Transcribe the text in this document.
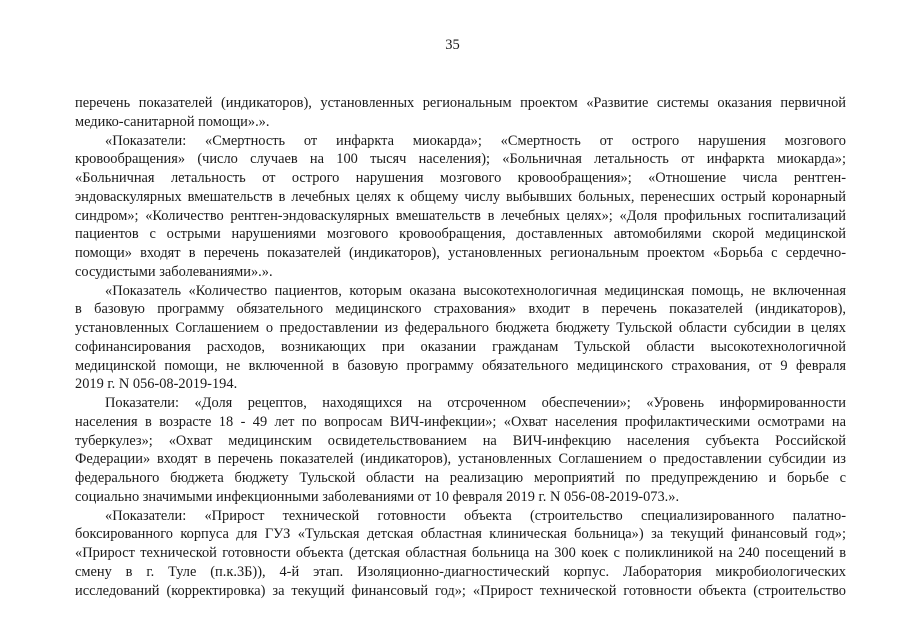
35
перечень показателей (индикаторов), установленных региональным проектом «Развитие системы оказания первичной
медико-санитарной помощи».».
«Показатели: «Смертность от инфаркта миокарда»; «Смертность от острого нарушения мозгового
кровообращения» (число случаев на 100 тысяч населения); «Больничная летальность от инфаркта миокарда»;
«Больничная летальность от острого нарушения мозгового кровообращения»; «Отношение числа рентген-
эндоваскулярных вмешательств в лечебных целях к общему числу выбывших больных, перенесших острый коронарный
синдром»; «Количество рентген-эндоваскулярных вмешательств в лечебных целях»; «Доля профильных госпитализаций
пациентов с острыми нарушениями мозгового кровообращения, доставленных автомобилями скорой медицинской
помощи» входят в перечень показателей (индикаторов), установленных региональным проектом «Борьба с сердечно-
сосудистыми заболеваниями».».
«Показатель «Количество пациентов, которым оказана высокотехнологичная медицинская помощь, не включенная
в базовую программу обязательного медицинского страхования» входит в перечень показателей (индикаторов),
установленных Соглашением о предоставлении из федерального бюджета бюджету Тульской области субсидии в целях
софинансирования расходов, возникающих при оказании гражданам Тульской области высокотехнологичной
медицинской помощи, не включенной в базовую программу обязательного медицинского страхования, от 9 февраля
2019 г. N 056-08-2019-194.
Показатели: «Доля рецептов, находящихся на отсроченном обеспечении»; «Уровень информированности
населения в возрасте 18 - 49 лет по вопросам ВИЧ-инфекции»; «Охват населения профилактическими осмотрами на
туберкулез»; «Охват медицинским освидетельствованием на ВИЧ-инфекцию населения субъекта Российской
Федерации» входят в перечень показателей (индикаторов), установленных Соглашением о предоставлении субсидии из
федерального бюджета бюджету Тульской области на реализацию мероприятий по предупреждению и борьбе с
социально значимыми инфекционными заболеваниями от 10 февраля 2019 г. N 056-08-2019-073.».
«Показатели: «Прирост технической готовности объекта (строительство специализированного палатно-
боксированного корпуса для ГУЗ «Тульская детская областная клиническая больница») за текущий финансовый год»;
«Прирост технической готовности объекта (детская областная больница на 300 коек с поликлиникой на 240 посещений в
смену в г. Туле (п.к.3Б)), 4-й этап. Изоляционно-диагностический корпус. Лаборатория микробиологических
исследований (корректировка) за текущий финансовый год»; «Прирост технической готовности объекта (строительство
